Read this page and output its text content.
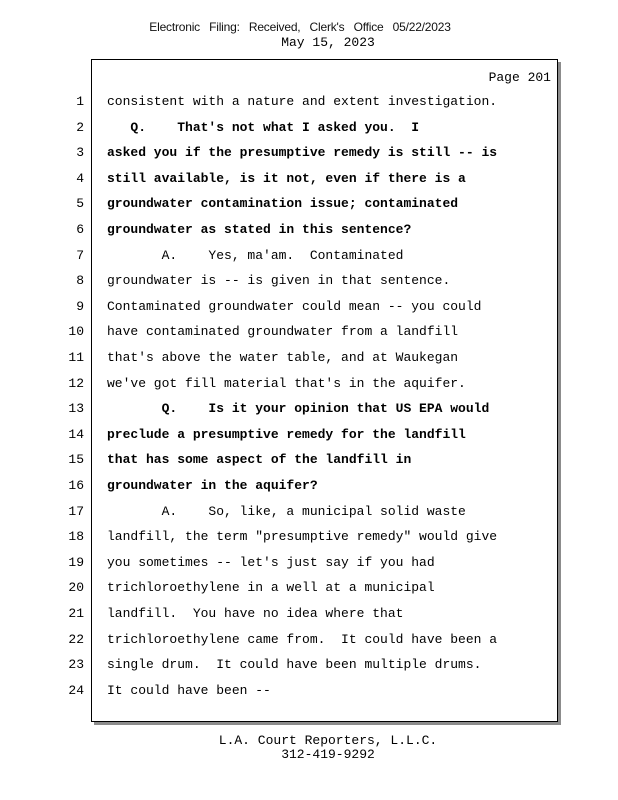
Electronic Filing: Received, Clerk's Office 05/22/2023
May 15, 2023
Page 201
1 consistent with a nature and extent investigation.
2 Q.    That's not what I asked you.  I
3 asked you if the presumptive remedy is still -- is
4 still available, is it not, even if there is a
5 groundwater contamination issue; contaminated
6 groundwater as stated in this sentence?
7 A.    Yes, ma'am.  Contaminated
8 groundwater is -- is given in that sentence.
9 Contaminated groundwater could mean -- you could
10 have contaminated groundwater from a landfill
11 that's above the water table, and at Waukegan
12 we've got fill material that's in the aquifer.
13 Q.    Is it your opinion that US EPA would
14 preclude a presumptive remedy for the landfill
15 that has some aspect of the landfill in
16 groundwater in the aquifer?
17 A.    So, like, a municipal solid waste
18 landfill, the term "presumptive remedy" would give
19 you sometimes -- let's just say if you had
20 trichloroethylene in a well at a municipal
21 landfill.  You have no idea where that
22 trichloroethylene came from.  It could have been a
23 single drum.  It could have been multiple drums.
24 It could have been --
L.A. Court Reporters, L.L.C.
312-419-9292
